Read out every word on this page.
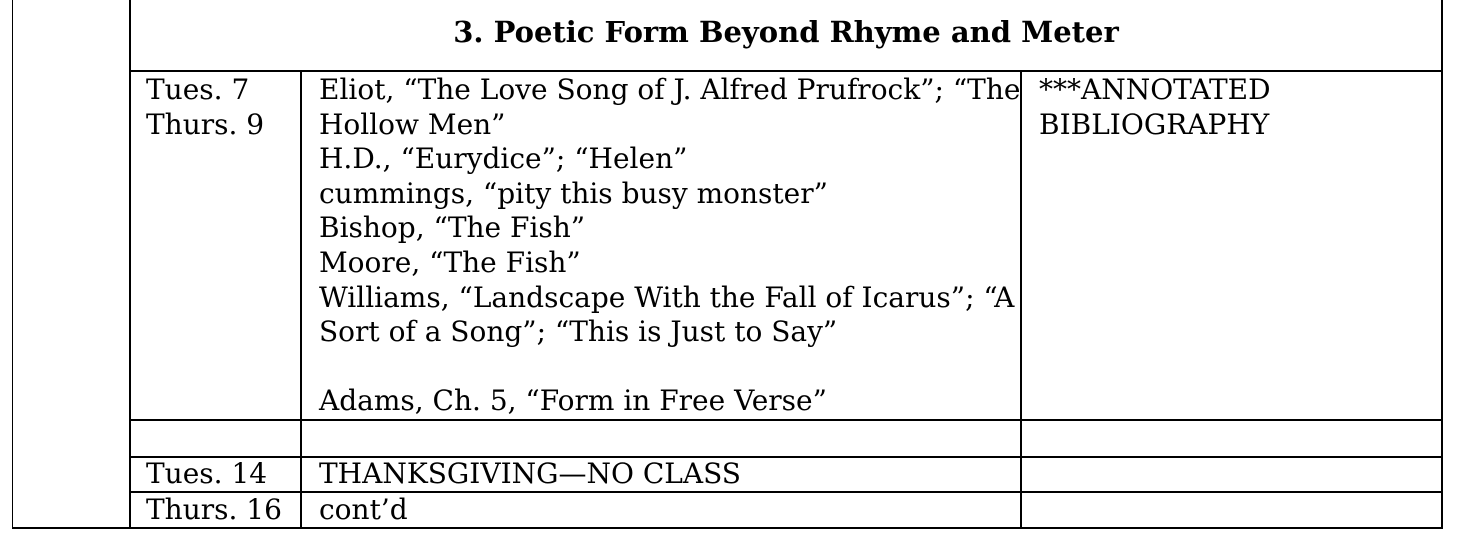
3. Poetic Form Beyond Rhyme and Meter
Tues. 7
Thurs. 9
Eliot, “The Love Song of J. Alfred Prufrock”; “The
Hollow Men”
H.D., “Eurydice”; “Helen”
cummings, “pity this busy monster”
Bishop, “The Fish”
Moore, “The Fish”
Williams, “Landscape With the Fall of Icarus”; “A
Sort of a Song”; “This is Just to Say”
Adams, Ch. 5, “Form in Free Verse”
***ANNOTATED
BIBLIOGRAPHY
Tues. 14 THANKSGIVING—NO CLASS
Thurs. 16 cont’d
